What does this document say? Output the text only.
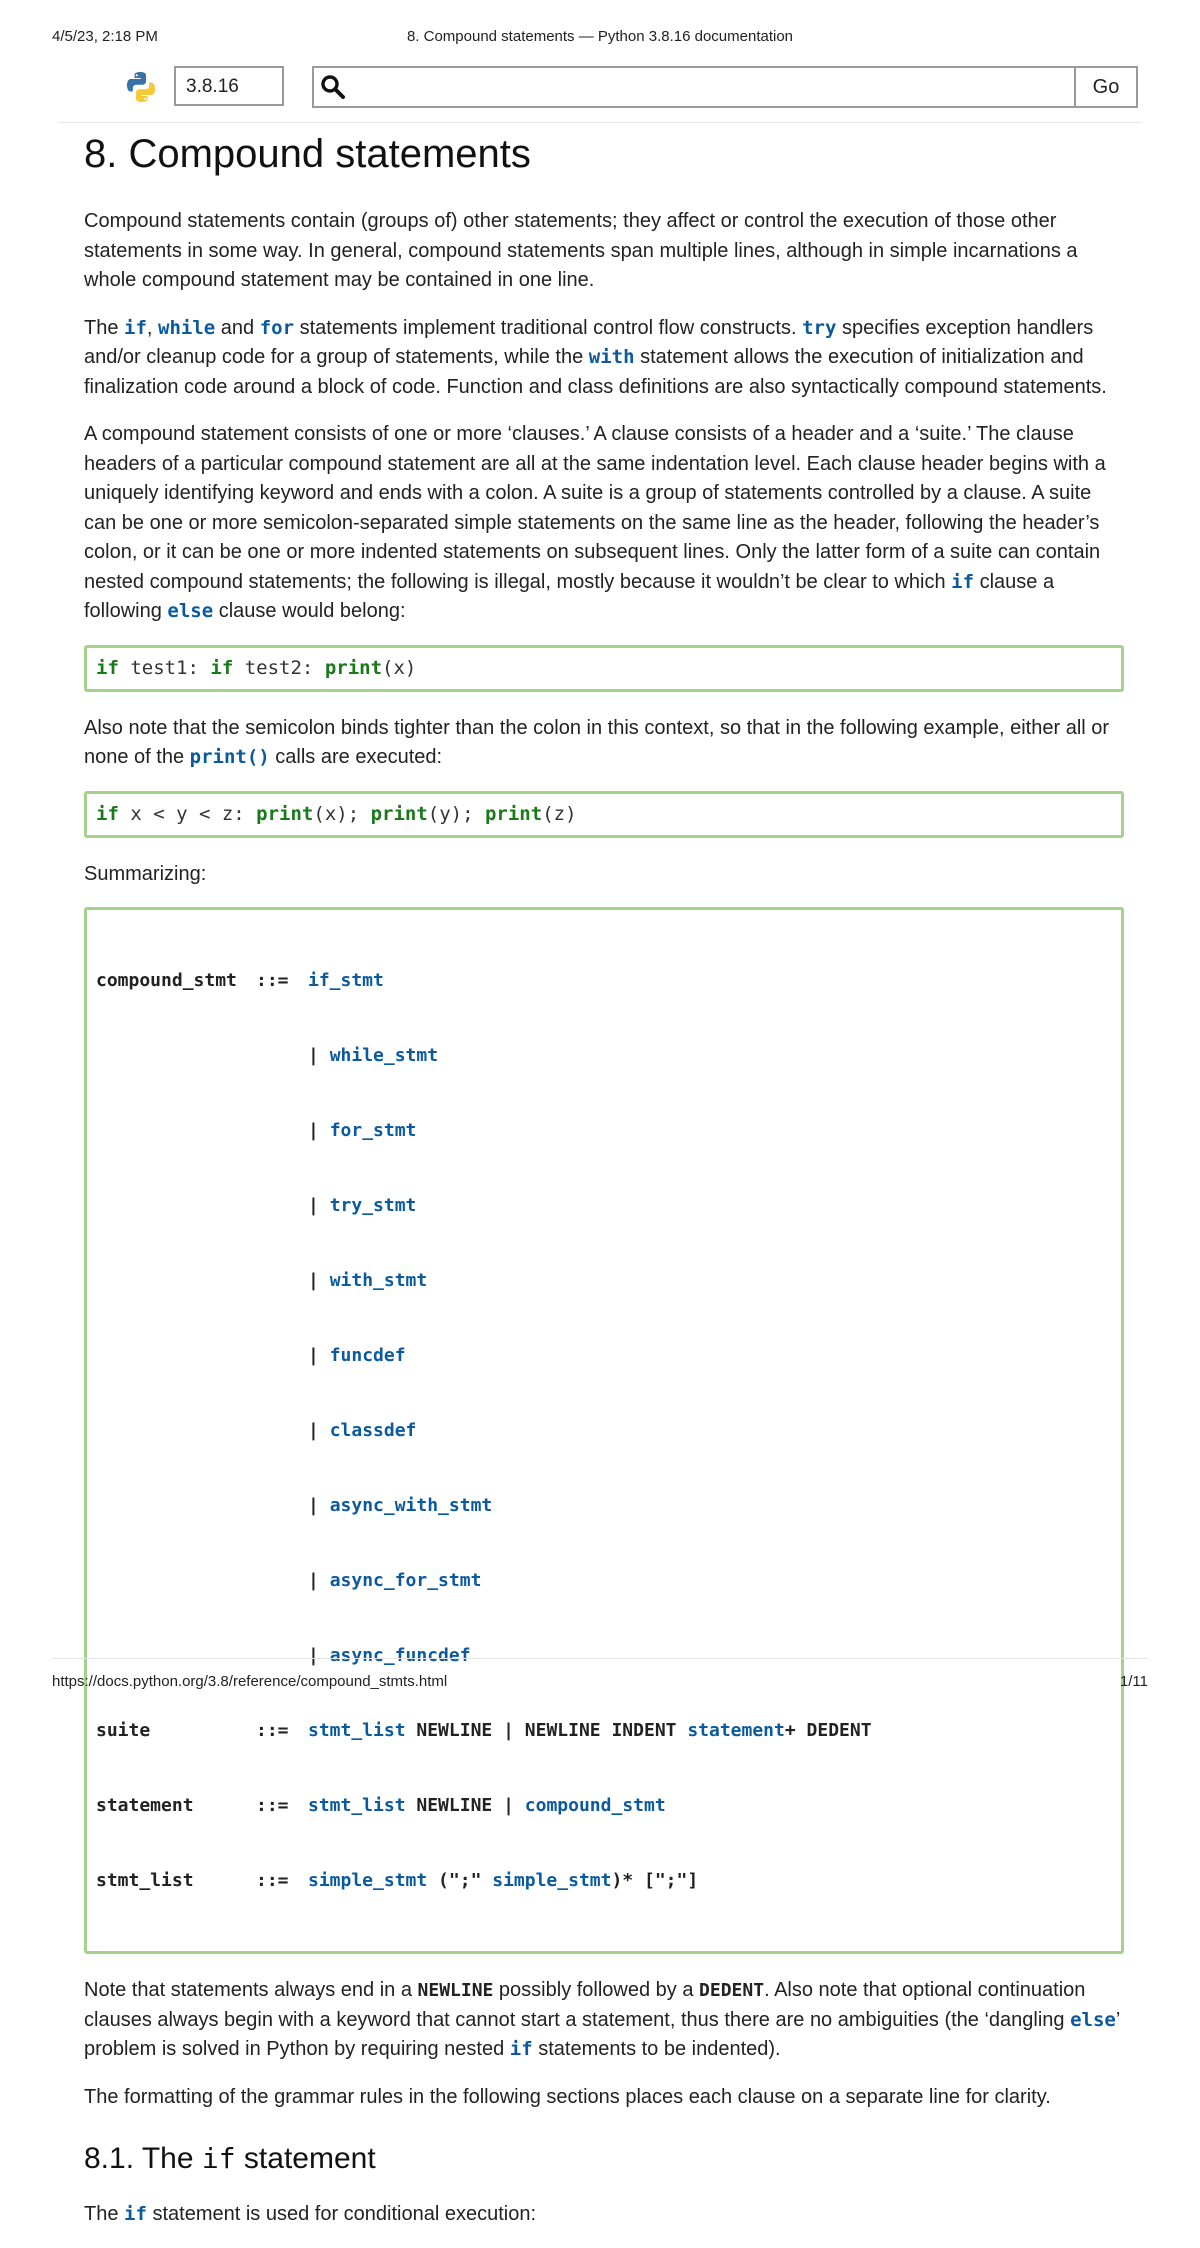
4/5/23, 2:18 PM	8. Compound statements — Python 3.8.16 documentation
3.8.16	Go
8. Compound statements

Compound statements contain (groups of) other statements; they affect or control the execution of those other statements in some way. In general, compound statements span multiple lines, although in simple incarnations a whole compound statement may be contained in one line.

The if, while and for statements implement traditional control flow constructs. try specifies exception handlers and/or cleanup code for a group of statements, while the with statement allows the execution of initialization and finalization code around a block of code. Function and class definitions are also syntactically compound statements.

A compound statement consists of one or more ‘clauses.’ A clause consists of a header and a ‘suite.’ The clause headers of a particular compound statement are all at the same indentation level. Each clause header begins with a uniquely identifying keyword and ends with a colon. A suite is a group of statements controlled by a clause. A suite can be one or more semicolon-separated simple statements on the same line as the header, following the header’s colon, or it can be one or more indented statements on subsequent lines. Only the latter form of a suite can contain nested compound statements; the following is illegal, mostly because it wouldn’t be clear to which if clause a following else clause would belong:

if test1: if test2: print(x)

Also note that the semicolon binds tighter than the colon in this context, so that in the following example, either all or none of the print() calls are executed:

if x < y < z: print(x); print(y); print(z)

Summarizing:

compound_stmt	::=	if_stmt

| while_stmt

| for_stmt

| try_stmt

| with_stmt

| funcdef

| classdef

| async_with_stmt

| async_for_stmt

| async_funcdef

suite	::=	stmt_list NEWLINE | NEWLINE INDENT statement+ DEDENT

statement	::=	stmt_list NEWLINE | compound_stmt

stmt_list	::=	simple_stmt (";" simple_stmt)* [";"]

Note that statements always end in a NEWLINE possibly followed by a DEDENT. Also note that optional continuation clauses always begin with a keyword that cannot start a statement, thus there are no ambiguities (the ‘dangling else’ problem is solved in Python by requiring nested if statements to be indented).

The formatting of the grammar rules in the following sections places each clause on a separate line for clarity.

8.1. The if statement

The if statement is used for conditional execution:

https://docs.python.org/3.8/reference/compound_stmts.html	1/11
